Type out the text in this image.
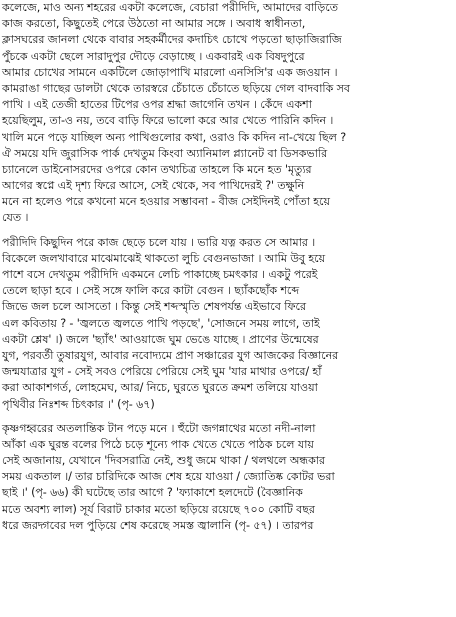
কলেজে, মাও অন্য শহরের একটা কলেজে, বেচারা পরীদিদি, আমাদের বাড়িতে
কাজ করতো, কিছুতেই পেরে উঠতো না আমার সঙ্গে । অবাধ স্বাধীনতা,
ক্লাসঘরের জানলা থেকে বাবার সহকর্মীদের কদাচিৎ চোখে পড়তো ছাড়াজিরাজি
পুঁচকে একটা ছেলে সারাদুপুর দৌড়ে বেড়াচ্ছে । একবারই এক বিষদুপুরে
আমার চোখের সামনে একটিলে জোড়াপাখি মারলো এনসিসি'র এক জওয়ান ।
কামরাঙা গাছের ডালটা থেকে তারস্বরে চেঁচাতে চেঁচাতে ছড়িয়ে গেল বাদবাকি সব
পাখি । এই তেজী হাতের টিপের ওপর শ্রদ্ধা জাগেনি তখন । কেঁদে একশা
হয়েছিলুম, তা-ও নয়, তবে বাড়ি ফিরে ভালো করে আর খেতে পারিনি কদিন ।
খালি মনে পড়ে যাচ্ছিল অন্য পাখিগুলোর কথা, ওরাও কি কদিন না-খেয়ে ছিল ?
ঐ সময়ে যদি জুরাসিক পার্ক দেখতুম কিংবা অ্যানিমাল প্ল্যানেট বা ডিসকভারি
চ্যানেলে ডাইনোসরদের ওপরে কোন তথ্যচিত্র তাহলে কি মনে হত 'মৃত্যুর
আগের স্বপ্নে এই দৃশ্য ফিরে আসে, সেই থেকে, সব পাখিদেরই ?' তক্ষুনি
মনে না হলেও পরে কখনো মনে হওয়ার সম্ভাবনা - বীজ সেইদিনই পোঁতা হয়ে
যেত ।
পরীদিদি কিছুদিন পরে কাজ ছেড়ে চলে যায় । ভারি যত্ন করত সে আমার ।
বিকেলে জলখাবারে মাঝেমাঝেই থাকতো লুচি বেগুনভাজা । আমি উবু হয়ে
পাশে বসে দেখতুম পরীদিদি একমনে লেচি পাকাচ্ছে চমৎকার । একটু পরেই
তেলে ছাড়া হবে । সেই সঙ্গে ফালি করে কাটা বেগুন । ছ্যাঁকছোঁক শব্দে
জিভে জল চলে আসতো । কিন্তু সেই শব্দস্মৃতি শেষপর্যন্ত এইভাবে ফিরে
এল কবিতায় ? - 'জ্বলতে জ্বলতে পাখি পড়ছে', 'সোজনে সময় লাগে, তাই
একটা শ্লেষ' ।) জলে 'ছ্যাঁৎ' আওয়াজে ঘুম ভেঙে যাচ্ছে । প্রাণের উন্মেষের
যুগ, পরবর্তী তুষারযুগ, আবার নবোদ্যমে প্রাণ সঞ্চারের যুগ আজকের বিজ্ঞানের
জন্মযাত্রার যুগ - সেই সবও পেরিয়ে পেরিয়ে সেই ঘুম 'যার মাথার ওপরে/ হাঁ
করা আকাশগর্ত, লোহমেঘ, আর/ নিচে, ঘুরতে ঘুরতে ক্রমশ তলিয়ে যাওয়া
পৃথিবীর নিঃশব্দ চিৎকার ।' (পৃ- ৬৭)
কৃষ্ণগহ্বরের অতলান্তিক টান পড়ে মনে । হুঁটো জগন্নাথের মতো নদী-নালা
আঁকা এক ঘুরন্ত বলের পিঠে চড়ে শূন্যে পাক খেতে খেতে পাঠক চলে যায়
সেই অজানায়, যেখানে 'দিবসরাত্রি নেই, শুধু জমে থাকা / থলথলে অন্ধকার
সময় একতাল ।/ তার চারিদিকে আজ শেষ হয়ে যাওয়া / জ্যোতিষ্ক কোটর ভরা
ছাই ।' (পৃ- ৬৬) কী ঘটেছে তার আগে ? 'ফ্যাকাশে হলদেটে (বৈজ্ঞানিক
মতে অবশ্য লাল) সূর্য বিরাট চাকার মতো ছড়িয়ে রয়েছে ৭০০ কোটি বছর
ধরে জরদ্গবের দল পুড়িয়ে শেষ করেছে সমস্ত জ্বালানি (পৃ- ৫৭) । তারপর
